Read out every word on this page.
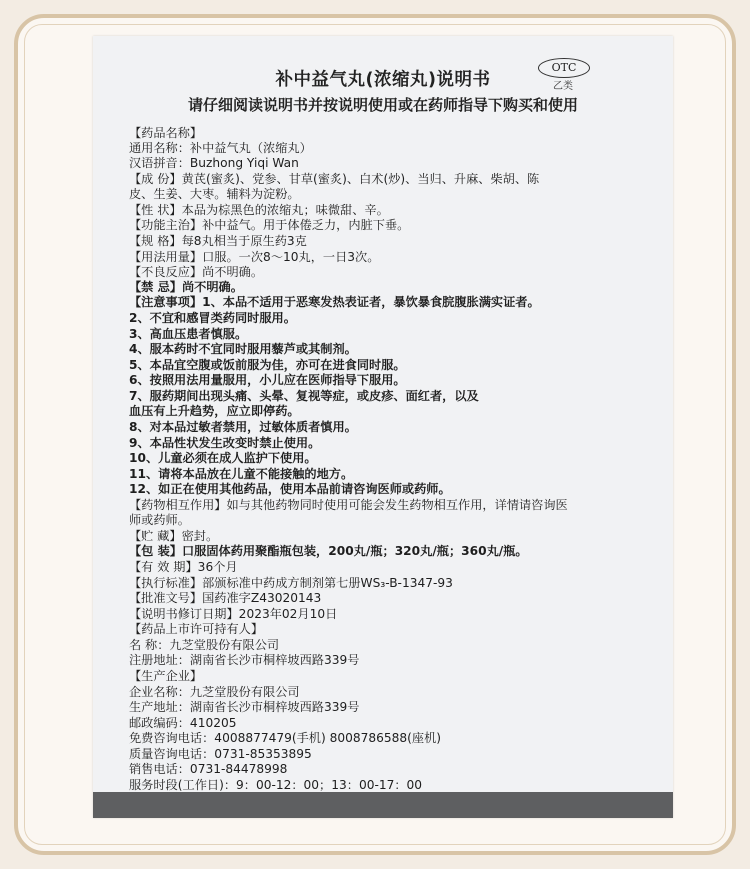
补中益气丸(浓缩丸)说明书
OTC
乙类
请仔细阅读说明书并按说明使用或在药师指导下购买和使用
【药品名称】
通用名称：补中益气丸（浓缩丸）
汉语拼音：Buzhong Yiqi Wan
【成 份】黄芪(蜜炙)、党参、甘草(蜜炙)、白术(炒)、当归、升麻、柴胡、陈
皮、生姜、大枣。辅料为淀粉。
【性 状】本品为棕黑色的浓缩丸；味微甜、辛。
【功能主治】补中益气。用于体倦乏力，内脏下垂。
【规 格】每8丸相当于原生药3克
【用法用量】口服。一次8～10丸，一日3次。
【不良反应】尚不明确。
【禁 忌】尚不明确。
【注意事项】1、本品不适用于恶寒发热表证者，暴饮暴食脘腹胀满实证者。
2、不宜和感冒类药同时服用。
3、高血压患者慎服。
4、服本药时不宜同时服用藜芦或其制剂。
5、本品宜空腹或饭前服为佳，亦可在进食同时服。
6、按照用法用量服用，小儿应在医师指导下服用。
7、服药期间出现头痛、头晕、复视等症，或皮疹、面红者，以及
血压有上升趋势，应立即停药。
8、对本品过敏者禁用，过敏体质者慎用。
9、本品性状发生改变时禁止使用。
10、儿童必须在成人监护下使用。
11、请将本品放在儿童不能接触的地方。
12、如正在使用其他药品，使用本品前请咨询医师或药师。
【药物相互作用】如与其他药物同时使用可能会发生药物相互作用，详情请咨询医
师或药师。
【贮 藏】密封。
【包 装】口服固体药用聚酯瓶包装，200丸/瓶；320丸/瓶；360丸/瓶。
【有 效 期】36个月
【执行标准】部颁标准中药成方制剂第七册WS₃-B-1347-93
【批准文号】国药准字Z43020143
【说明书修订日期】2023年02月10日
【药品上市许可持有人】
名 称：九芝堂股份有限公司
注册地址：湖南省长沙市桐梓坡西路339号
【生产企业】
企业名称：九芝堂股份有限公司
生产地址：湖南省长沙市桐梓坡西路339号
邮政编码：410205
免费咨询电话：4008877479(手机) 8008786588(座机)
质量咨询电话：0731-85353895
销售电话：0731-84478998
服务时段(工作日)：9：00-12：00；13：00-17：00
